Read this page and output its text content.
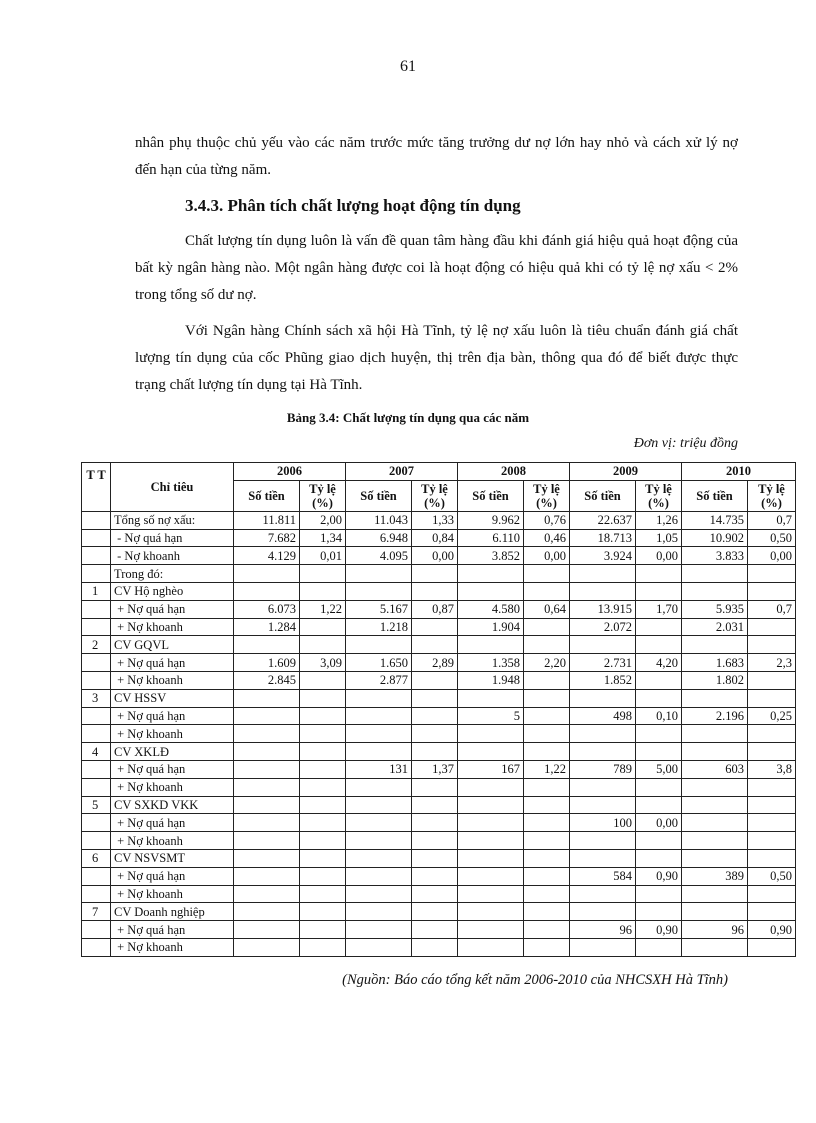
61
nhân phụ thuộc chủ yếu vào các năm trước mức tăng trưởng dư nợ lớn hay nhỏ và cách xử lý nợ đến hạn của từng năm.
3.4.3. Phân tích chất lượng hoạt động tín dụng
Chất lượng tín dụng luôn là vấn đề quan tâm hàng đầu khi đánh giá hiệu quả hoạt động của bất kỳ ngân hàng nào. Một ngân hàng được coi là hoạt động có hiệu quả khi có tỷ lệ nợ xấu < 2% trong tổng số dư nợ.
Với Ngân hàng Chính sách xã hội Hà Tĩnh, tỷ lệ nợ xấu luôn là tiêu chuẩn đánh giá chất lượng tín dụng của cốc Phũng giao dịch huyện, thị trên địa bàn, thông qua đó để biết được thực trạng chất lượng tín dụng tại Hà Tĩnh.
Bảng 3.4: Chất lượng tín dụng qua các năm
Đơn vị: triệu đồng
T T	Chỉ tiêu	2006		2007		2008		2009		2010	
		Số tiền	Tỷ lệ (%)	Số tiền	Tỷ lệ (%)	Số tiền	Tỷ lệ (%)	Số tiền	Tỷ lệ (%)	Số tiền	Tỷ lệ (%)
	Tổng số nợ xấu:	11.811	2,00	11.043	1,33	9.962	0,76	22.637	1,26	14.735	0,7
	- Nợ quá hạn	7.682	1,34	6.948	0,84	6.110	0,46	18.713	1,05	10.902	0,50
	- Nợ khoanh	4.129	0,01	4.095	0,00	3.852	0,00	3.924	0,00	3.833	0,00
	Trong đó:										
1	CV Hộ nghèo										
	+ Nợ quá hạn	6.073	1,22	5.167	0,87	4.580	0,64	13.915	1,70	5.935	0,7
	+ Nợ khoanh	1.284		1.218		1.904		2.072		2.031	
2	CV GQVL										
	+ Nợ quá hạn	1.609	3,09	1.650	2,89	1.358	2,20	2.731	4,20	1.683	2,3
	+ Nợ khoanh	2.845		2.877		1.948		1.852		1.802	
3	CV HSSV										
	+ Nợ quá hạn					5		498	0,10	2.196	0,25
	+ Nợ khoanh										
4	CV XKLĐ										
	+ Nợ quá hạn			131	1,37	167	1,22	789	5,00	603	3,8
	+ Nợ khoanh										
5	CV SXKD VKK										
	+ Nợ quá hạn							100	0,00		
	+ Nợ khoanh										
6	CV NSVSMT										
	+ Nợ quá hạn							584	0,90	389	0,50
	+ Nợ khoanh										
7	CV Doanh nghiệp										
	+ Nợ quá hạn							96	0,90	96	0,90
	+ Nợ khoanh										
(Nguồn: Báo cáo tổng kết năm 2006-2010 của NHCSXH Hà Tĩnh)
